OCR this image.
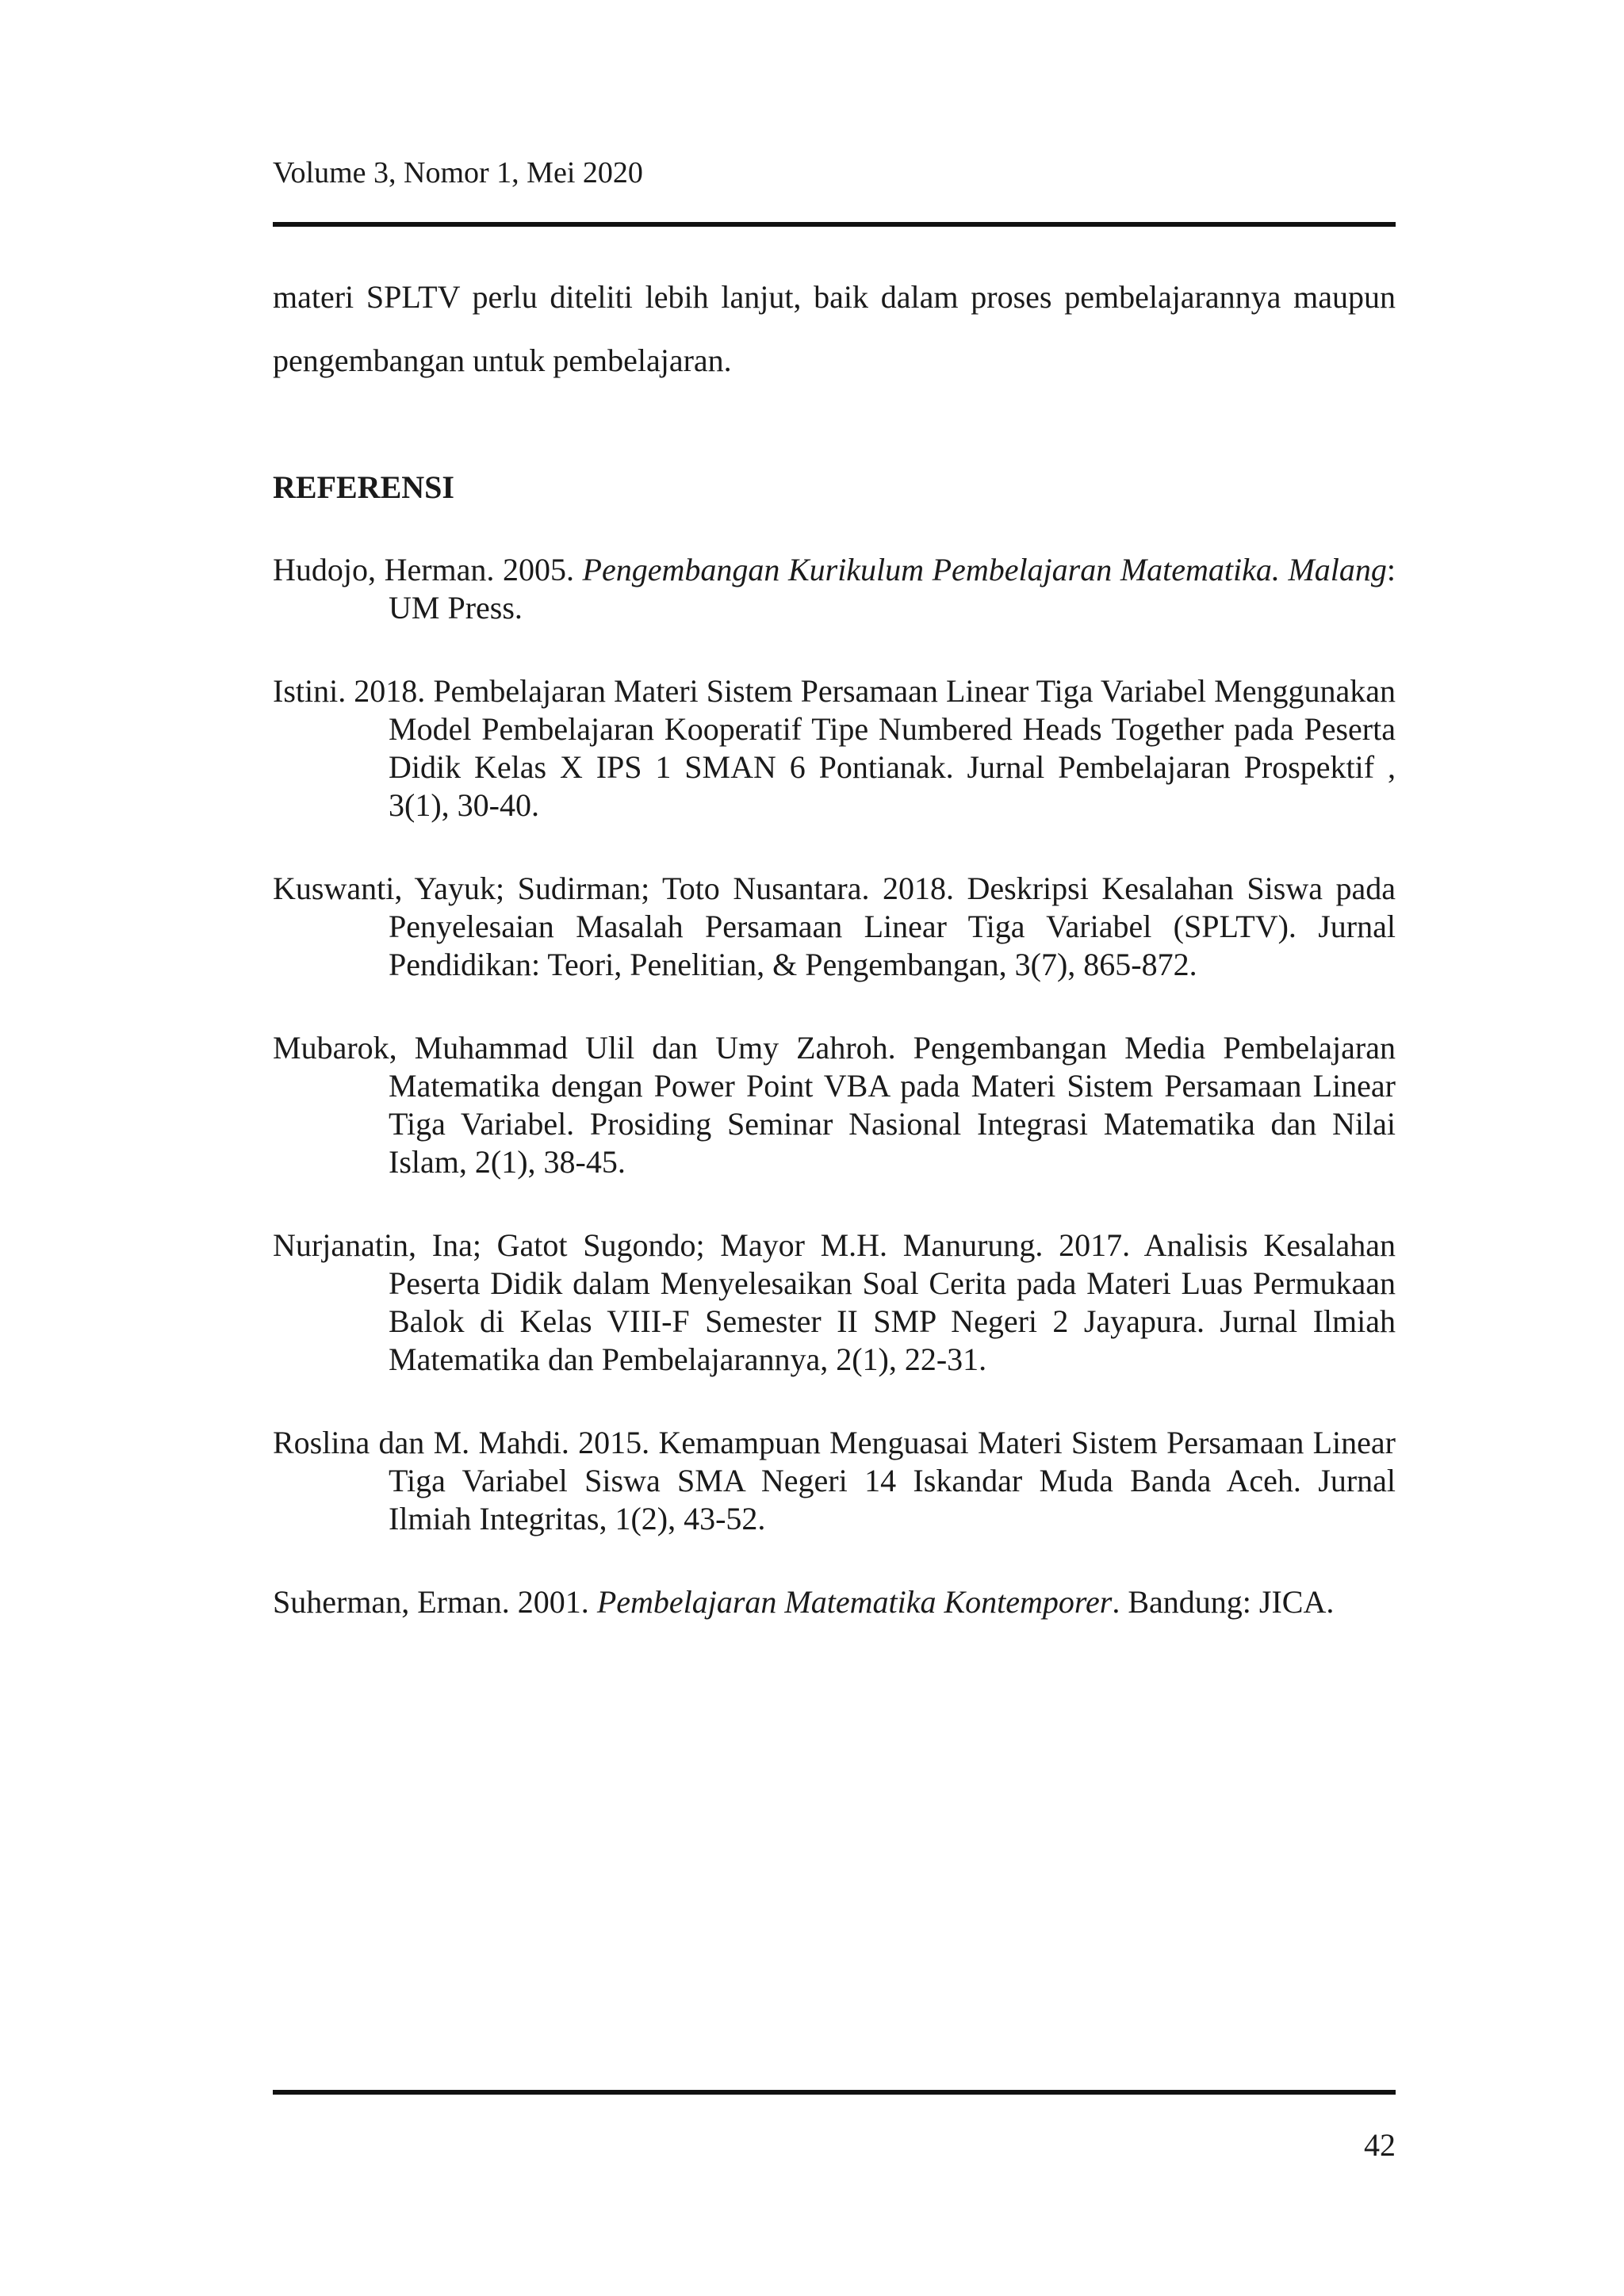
Volume 3, Nomor 1, Mei 2020

materi SPLTV perlu diteliti lebih lanjut, baik dalam proses pembelajarannya maupun pengembangan untuk pembelajaran.

REFERENSI

Hudojo, Herman. 2005. Pengembangan Kurikulum Pembelajaran Matematika. Malang: UM Press.

Istini. 2018. Pembelajaran Materi Sistem Persamaan Linear Tiga Variabel Menggunakan Model Pembelajaran Kooperatif Tipe Numbered Heads Together pada Peserta Didik Kelas X IPS 1 SMAN 6 Pontianak. Jurnal Pembelajaran Prospektif , 3(1), 30-40.

Kuswanti, Yayuk; Sudirman; Toto Nusantara. 2018. Deskripsi Kesalahan Siswa pada Penyelesaian Masalah Persamaan Linear Tiga Variabel (SPLTV). Jurnal Pendidikan: Teori, Penelitian, & Pengembangan, 3(7), 865-872.

Mubarok, Muhammad Ulil dan Umy Zahroh. Pengembangan Media Pembelajaran Matematika dengan Power Point VBA pada Materi Sistem Persamaan Linear Tiga Variabel. Prosiding Seminar Nasional Integrasi Matematika dan Nilai Islam, 2(1), 38-45.

Nurjanatin, Ina; Gatot Sugondo; Mayor M.H. Manurung. 2017. Analisis Kesalahan Peserta Didik dalam Menyelesaikan Soal Cerita pada Materi Luas Permukaan Balok di Kelas VIII-F Semester II SMP Negeri 2 Jayapura. Jurnal Ilmiah Matematika dan Pembelajarannya, 2(1), 22-31.

Roslina dan M. Mahdi. 2015. Kemampuan Menguasai Materi Sistem Persamaan Linear Tiga Variabel Siswa SMA Negeri 14 Iskandar Muda Banda Aceh. Jurnal Ilmiah Integritas, 1(2), 43-52.

Suherman, Erman. 2001. Pembelajaran Matematika Kontemporer. Bandung: JICA.

42
